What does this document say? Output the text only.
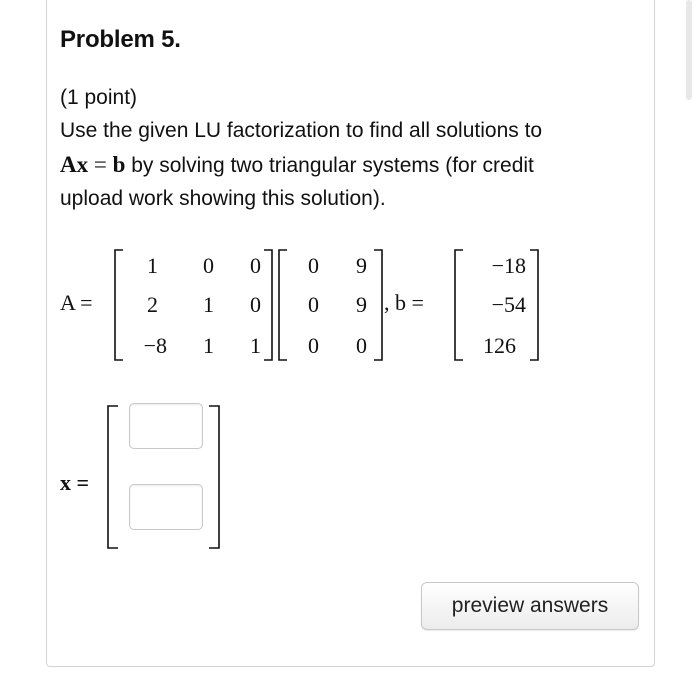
Problem 5.
(1 point)
Use the given LU factorization to find all solutions to
Ax = b by solving two triangular systems (for credit
upload work showing this solution).
A =
1	0	0
2	1	0
−8	1	1
0	9
0	9
0	0
, b =
−18
−54
126
x =
preview answers
